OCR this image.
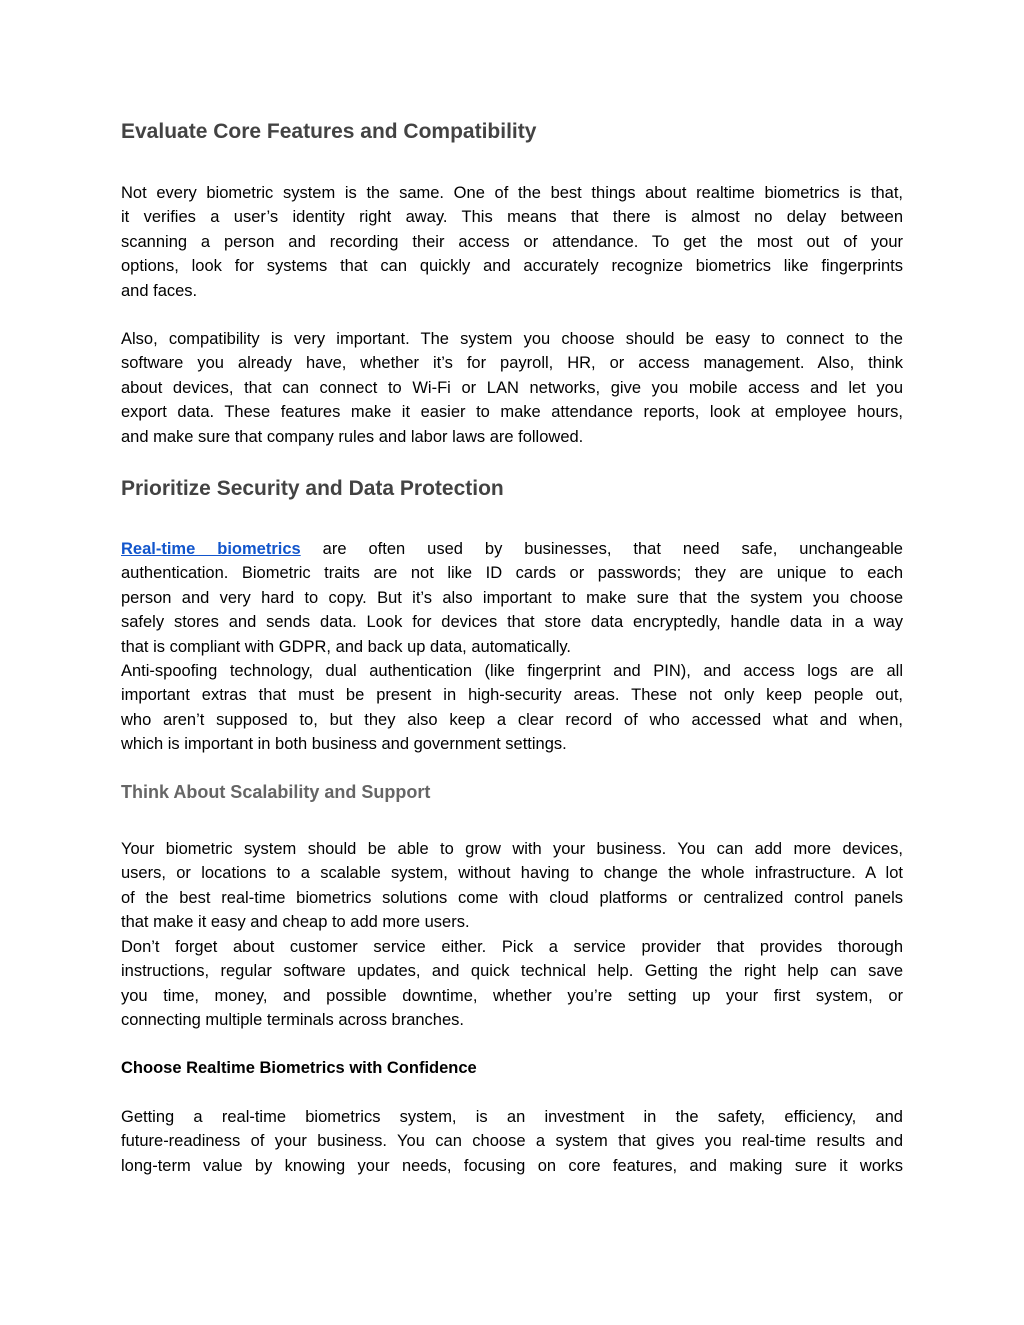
Evaluate Core Features and Compatibility
Not every biometric system is the same. One of the best things about realtime biometrics is that,
it verifies a user’s identity right away. This means that there is almost no delay between
scanning a person and recording their access or attendance. To get the most out of your
options, look for systems that can quickly and accurately recognize biometrics like fingerprints
and faces.
Also, compatibility is very important. The system you choose should be easy to connect to the
software you already have, whether it’s for payroll, HR, or access management. Also, think
about devices, that can connect to Wi-Fi or LAN networks, give you mobile access and let you
export data. These features make it easier to make attendance reports, look at employee hours,
and make sure that company rules and labor laws are followed.
Prioritize Security and Data Protection
Real-time biometrics are often used by businesses, that need safe, unchangeable
authentication. Biometric traits are not like ID cards or passwords; they are unique to each
person and very hard to copy. But it’s also important to make sure that the system you choose
safely stores and sends data. Look for devices that store data encryptedly, handle data in a way
that is compliant with GDPR, and back up data, automatically.
Anti-spoofing technology, dual authentication (like fingerprint and PIN), and access logs are all
important extras that must be present in high-security areas. These not only keep people out,
who aren’t supposed to, but they also keep a clear record of who accessed what and when,
which is important in both business and government settings.
Think About Scalability and Support
Your biometric system should be able to grow with your business. You can add more devices,
users, or locations to a scalable system, without having to change the whole infrastructure. A lot
of the best real-time biometrics solutions come with cloud platforms or centralized control panels
that make it easy and cheap to add more users.
Don’t forget about customer service either. Pick a service provider that provides thorough
instructions, regular software updates, and quick technical help. Getting the right help can save
you time, money, and possible downtime, whether you’re setting up your first system, or
connecting multiple terminals across branches.
Choose Realtime Biometrics with Confidence
Getting a real-time biometrics system, is an investment in the safety, efficiency, and
future-readiness of your business. You can choose a system that gives you real-time results and
long-term value by knowing your needs, focusing on core features, and making sure it works
